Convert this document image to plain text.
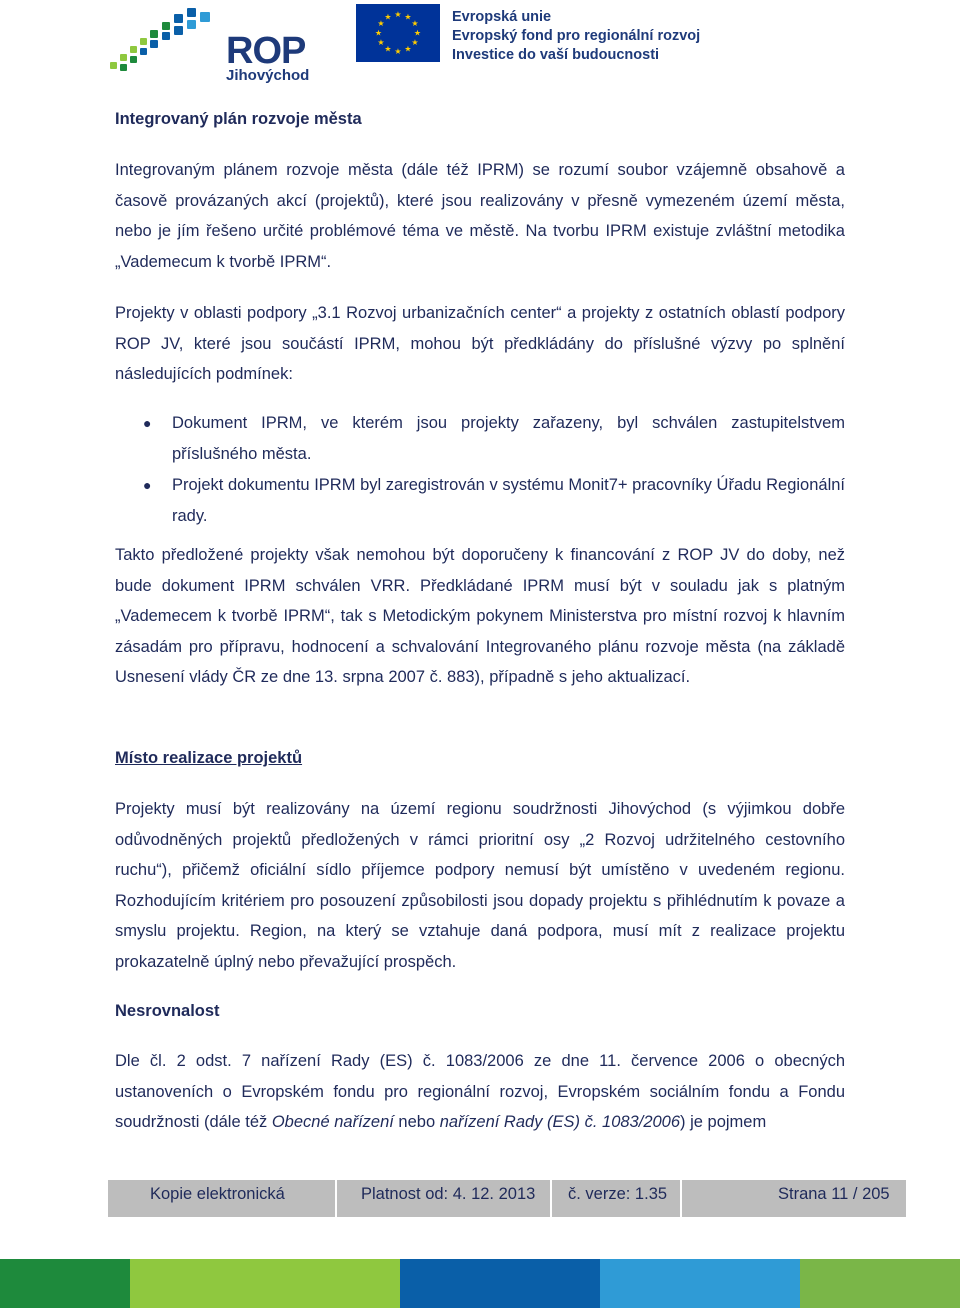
ROP
Jihovýchod
★ ★
★
★
★
★
★
★
★
★
★
★	Evropská unie
Evropský fond pro regionální rozvoj
Investice do vaší budoucnosti
Integrovaný plán rozvoje města
Integrovaným plánem rozvoje města (dále též IPRM) se rozumí soubor vzájemně obsahově a časově provázaných akcí (projektů), které jsou realizovány v přesně vymezeném území města, nebo je jím řešeno určité problémové téma ve městě. Na tvorbu IPRM existuje zvláštní metodika „Vademecum k tvorbě IPRM“.
Projekty v oblasti podpory „3.1 Rozvoj urbanizačních center“ a projekty z ostatních oblastí podpory ROP JV, které jsou součástí IPRM, mohou být předkládány do příslušné výzvy po splnění následujících podmínek:
● Dokument IPRM, ve kterém jsou projekty zařazeny, byl schválen zastupitelstvem příslušného města.
● Projekt dokumentu IPRM byl zaregistrován v systému Monit7+ pracovníky Úřadu Regionální rady.
Takto předložené projekty však nemohou být doporučeny k financování z ROP JV do doby, než bude dokument IPRM schválen VRR. Předkládané IPRM musí být v souladu jak s platným „Vademecem k tvorbě IPRM“, tak s Metodickým pokynem Ministerstva pro místní rozvoj k hlavním zásadám pro přípravu, hodnocení a schvalování Integrovaného plánu rozvoje města (na základě Usnesení vlády ČR ze dne 13. srpna 2007 č. 883), případně s jeho aktualizací.
Místo realizace projektů
Projekty musí být realizovány na území regionu soudržnosti Jihovýchod (s výjimkou dobře odůvodněných projektů předložených v rámci prioritní osy „2 Rozvoj udržitelného cestovního ruchu“), přičemž oficiální sídlo příjemce podpory nemusí být umístěno v uvedeném regionu. Rozhodujícím kritériem pro posouzení způsobilosti jsou dopady projektu s přihlédnutím k povaze a smyslu projektu. Region, na který se vztahuje daná podpora, musí mít z realizace projektu prokazatelně úplný nebo převažující prospěch.
Nesrovnalost
Dle čl. 2 odst. 7 nařízení Rady (ES) č. 1083/2006 ze dne 11. července 2006 o obecných ustanoveních o Evropském fondu pro regionální rozvoj, Evropském sociálním fondu a Fondu soudržnosti (dále též Obecné nařízení nebo nařízení Rady (ES) č. 1083/2006) je pojmem
Kopie elektronická	Platnost od: 4. 12. 2013	č. verze: 1.35	Strana 11 / 205
